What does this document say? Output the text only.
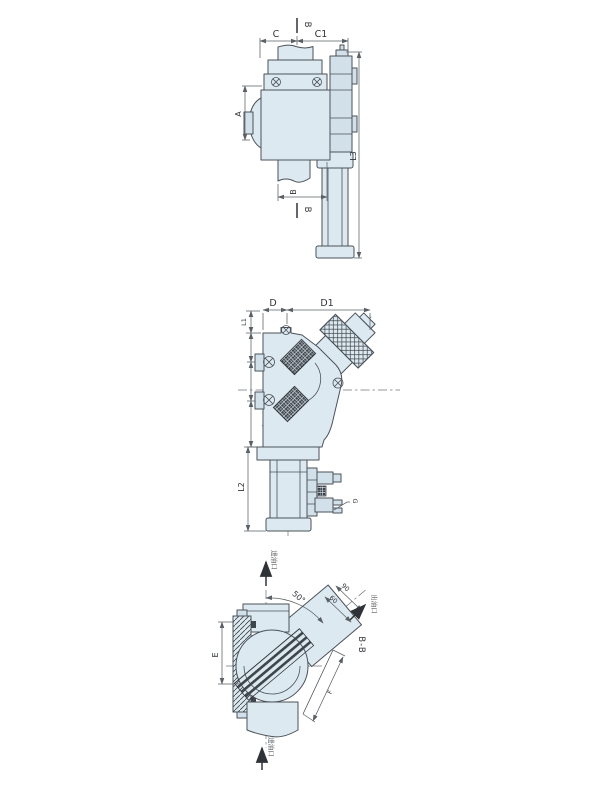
B
B
C	C1
A
B
L3
G
D	D1
L1
L2
50°	60
90
E
F
进油口
出油口
进油口
B-B
